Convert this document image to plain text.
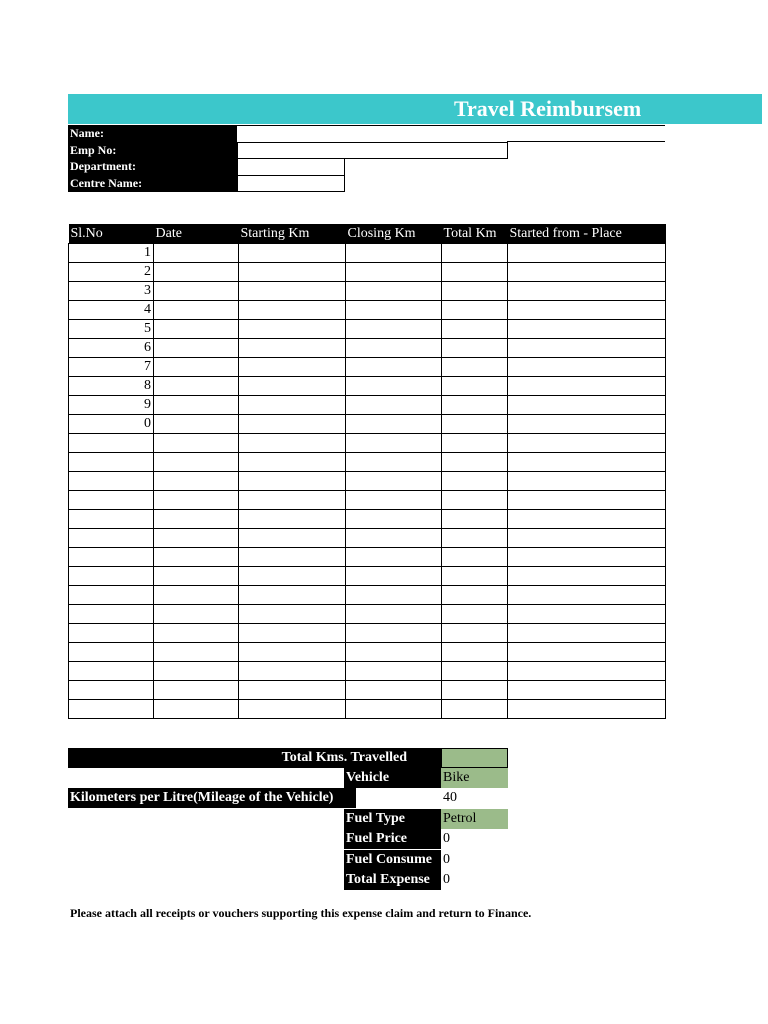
Travel Reimbursem
Name:
Emp No:
Department:
Centre Name:
Sl.No	Date	Starting Km	Closing Km	Total Km	Started from - Place
1					
2					
3					
4					
5					
6					
7					
8					
9					
0					

Total Kms. Travelled
Vehicle	Bike
Kilometers per Litre(Mileage of the Vehicle)	40
Fuel Type	Petrol
Fuel Price	0
Fuel Consume 0
Total Expense 0
Please attach all receipts or vouchers supporting this expense claim and return to Finance.
